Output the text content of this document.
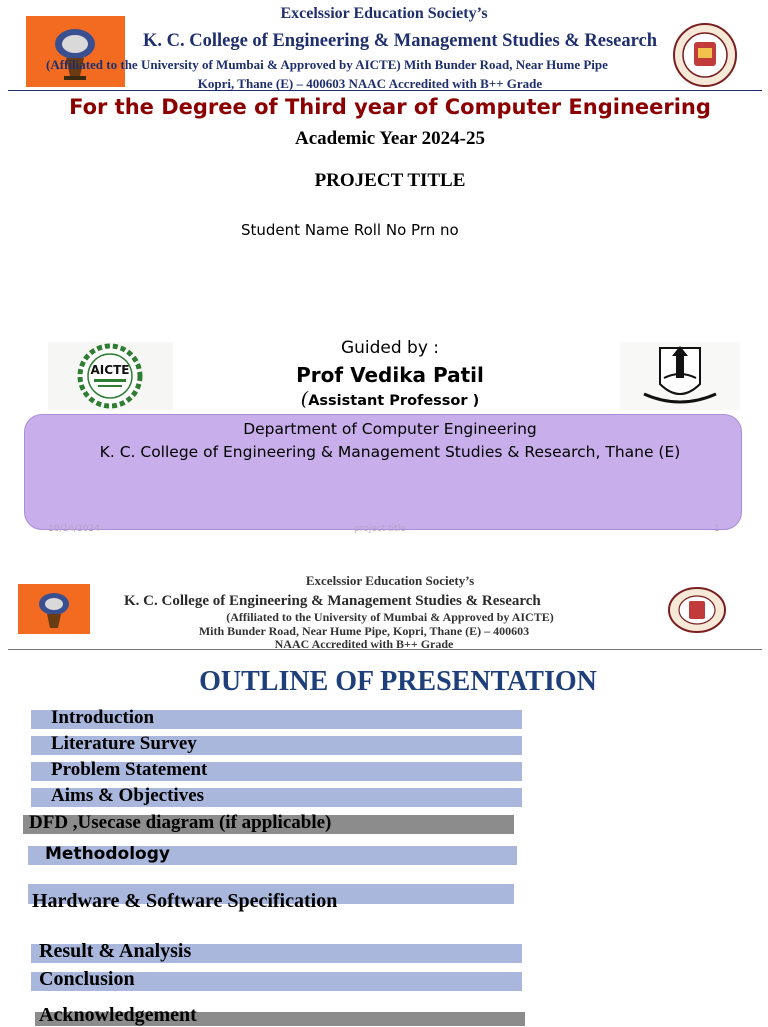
Excelssior Education Society’s
K. C. College of Engineering & Management Studies & Research
(Affiliated to the University of Mumbai & Approved by AICTE) Mith Bunder Road, Near Hume Pipe
Kopri, Thane (E) – 400603 NAAC Accredited with B++ Grade
For the Degree of Third year of Computer Engineering
Academic Year 2024-25
PROJECT TITLE
Student Name Roll No Prn no
AICTE
Guided by :
Prof Vedika Patil
(Assistant Professor )
Department of Computer Engineering
K. C. College of Engineering & Management Studies & Research, Thane (E)
10/14/2024	project title	1
Excelssior Education Society’s
K. C. College of Engineering & Management Studies & Research
(Affiliated to the University of Mumbai & Approved by AICTE)
Mith Bunder Road, Near Hume Pipe, Kopri, Thane (E) – 400603
NAAC Accredited with B++ Grade
OUTLINE OF PRESENTATION
Introduction
Literature Survey
Problem Statement
Aims & Objectives
DFD ,Usecase diagram (if applicable)
Methodology
Hardware & Software Specification
Result & Analysis
Conclusion
Acknowledgement
